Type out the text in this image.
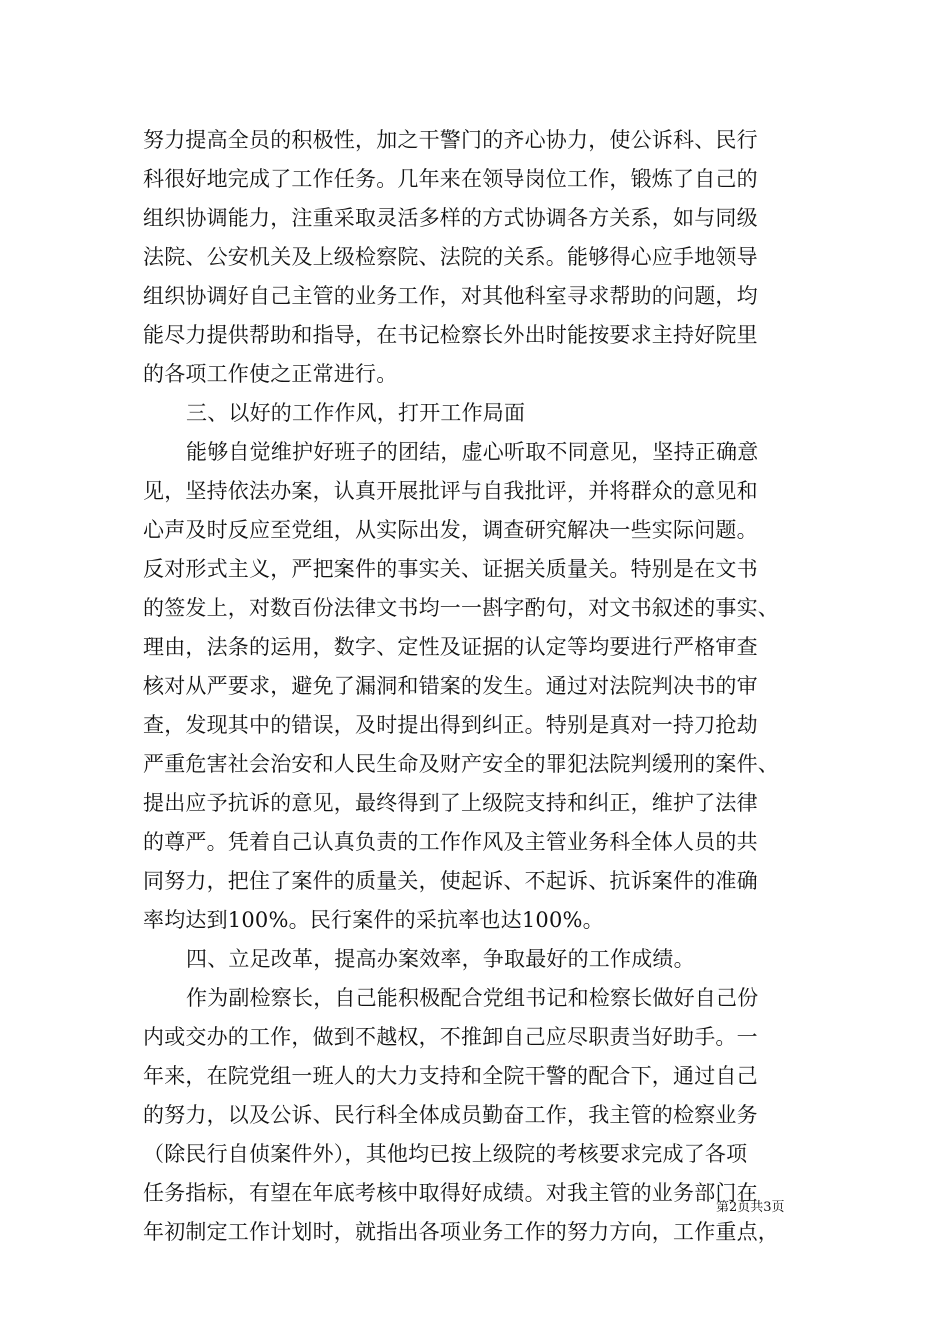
努力提高全员的积极性，加之干警门的齐心协力，使公诉科、民行
科很好地完成了工作任务。几年来在领导岗位工作，锻炼了自己的
组织协调能力，注重采取灵活多样的方式协调各方关系，如与同级
法院、公安机关及上级检察院、法院的关系。能够得心应手地领导
组织协调好自己主管的业务工作，对其他科室寻求帮助的问题，均
能尽力提供帮助和指导，在书记检察长外出时能按要求主持好院里
的各项工作使之正常进行。
三、以好的工作作风，打开工作局面
能够自觉维护好班子的团结，虚心听取不同意见，坚持正确意
见，坚持依法办案，认真开展批评与自我批评，并将群众的意见和
心声及时反应至党组，从实际出发，调查研究解决一些实际问题。
反对形式主义，严把案件的事实关、证据关质量关。特别是在文书
的签发上，对数百份法律文书均一一斟字酌句，对文书叙述的事实、
理由，法条的运用，数字、定性及证据的认定等均要进行严格审查
核对从严要求，避免了漏洞和错案的发生。通过对法院判决书的审
查，发现其中的错误，及时提出得到纠正。特别是真对一持刀抢劫
严重危害社会治安和人民生命及财产安全的罪犯法院判缓刑的案件、
提出应予抗诉的意见，最终得到了上级院支持和纠正，维护了法律
的尊严。凭着自己认真负责的工作作风及主管业务科全体人员的共
同努力，把住了案件的质量关，使起诉、不起诉、抗诉案件的准确
率均达到100%。民行案件的采抗率也达100%。
四、立足改革，提高办案效率，争取最好的工作成绩。
作为副检察长，自己能积极配合党组书记和检察长做好自己份
内或交办的工作，做到不越权，不推卸自己应尽职责当好助手。一
年来，在院党组一班人的大力支持和全院干警的配合下，通过自己
的努力，以及公诉、民行科全体成员勤奋工作，我主管的检察业务
（除民行自侦案件外），其他均已按上级院的考核要求完成了各项
任务指标，有望在年底考核中取得好成绩。对我主管的业务部门在
年初制定工作计划时，就指出各项业务工作的努力方向，工作重点，
第2页共3页
